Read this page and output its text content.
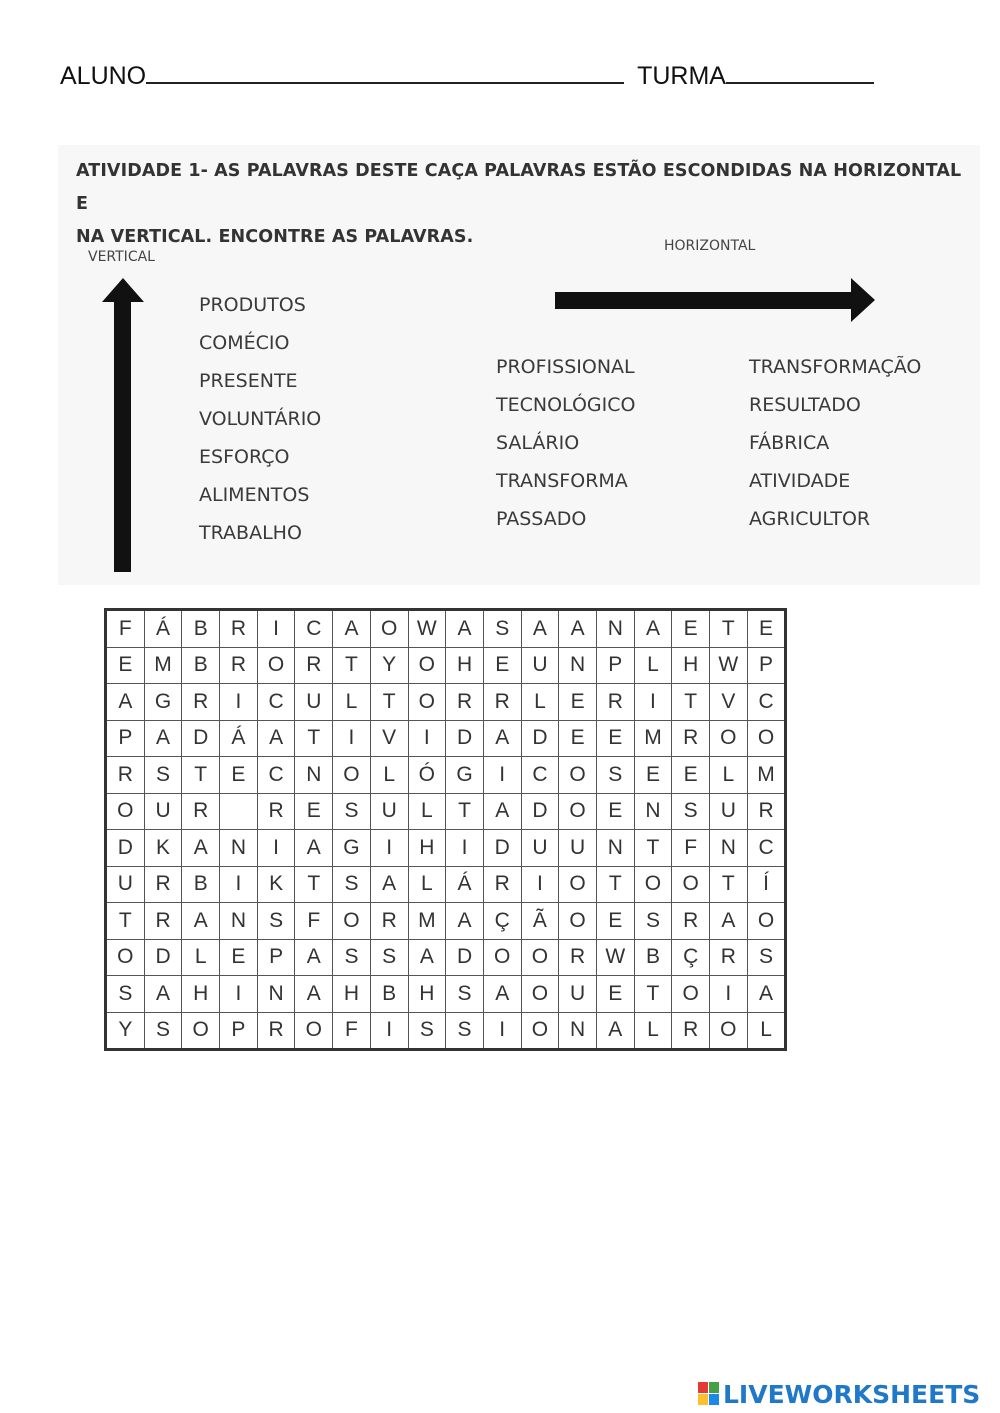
ALUNO	TURMA
ATIVIDADE 1- AS PALAVRAS DESTE CAÇA PALAVRAS ESTÃO ESCONDIDAS NA HORIZONTAL E
NA VERTICAL. ENCONTRE AS PALAVRAS.
VERTICAL
HORIZONTAL
PRODUTOS
COMÉCIO
PRESENTE
VOLUNTÁRIO
ESFORÇO
ALIMENTOS
TRABALHO
PROFISSIONAL
TECNOLÓGICO
SALÁRIO
TRANSFORMA
PASSADO
TRANSFORMAÇÃO
RESULTADO
FÁBRICA
ATIVIDADE
AGRICULTOR
F	Á	B	R	I	C	A	O	W	A	S	A	A	N	A	E	T	E
E	M	B	R	O	R	T	Y	O	H	E	U	N	P	L	H	W	P
A	G	R	I	C	U	L	T	O	R	R	L	E	R	I	T	V	C
P	A	D	Á	A	T	I	V	I	D	A	D	E	E	M	R	O	O
R	S	T	E	C	N	O	L	Ó	G	I	C	O	S	E	E	L	M
O	U	R		R	E	S	U	L	T	A	D	O	E	N	S	U	R
D	K	A	N	I	A	G	I	H	I	D	U	U	N	T	F	N	C
U	R	B	I	K	T	S	A	L	Á	R	I	O	T	O	O	T	Í
T	R	A	N	S	F	O	R	M	A	Ç	Ã	O	E	S	R	A	O
O	D	L	E	P	A	S	S	A	D	O	O	R	W	B	Ç	R	S
S	A	H	I	N	A	H	B	H	S	A	O	U	E	T	O	I	A
Y	S	O	P	R	O	F	I	S	S	I	O	N	A	L	R	O	L
LIVEWORKSHEETS
